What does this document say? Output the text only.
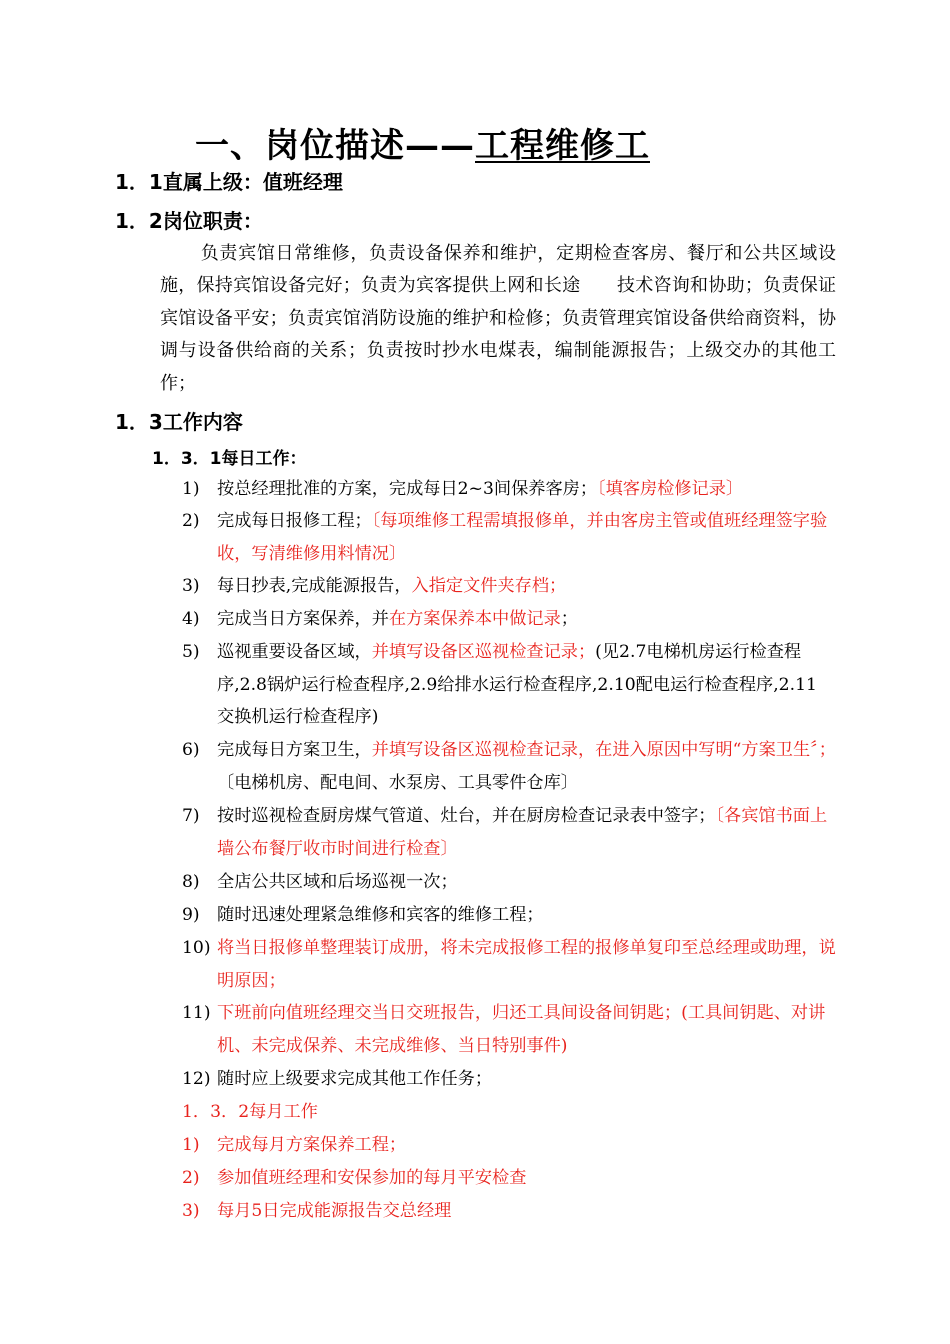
一、岗位描述——工程维修工
1．1直属上级：值班经理
1．2岗位职责：
负责宾馆日常维修，负责设备保养和维护，定期检查客房、餐厅和公共区域设施，保持宾馆设备完好；负责为宾客提供上网和长途　　技术咨询和协助；负责保证宾馆设备平安；负责宾馆消防设施的维护和检修；负责管理宾馆设备供给商资料，协调与设备供给商的关系；负责按时抄水电煤表，编制能源报告；上级交办的其他工作；
1．3工作内容
1．3．1每日工作：
1)	按总经理批准的方案，完成每日2~3间保养客房；〔填客房检修记录〕
2)	完成每日报修工程；〔每项维修工程需填报修单，并由客房主管或值班经理签字验收，写清维修用料情况〕
3)	每日抄表,完成能源报告，入指定文件夹存档；
4)	完成当日方案保养，并在方案保养本中做记录；
5)	巡视重要设备区域，并填写设备区巡视检查记录；(见2.7电梯机房运行检查程序,2.8锅炉运行检查程序,2.9给排水运行检查程序,2.10配电运行检查程序,2.11　　交换机运行检查程序)
6)	完成每日方案卫生，并填写设备区巡视检查记录，在进入原因中写明“方案卫生〞；〔电梯机房、配电间、水泵房、工具零件仓库〕
7)	按时巡视检查厨房煤气管道、灶台，并在厨房检查记录表中签字；〔各宾馆书面上墙公布餐厅收市时间进行检查〕
8)	全店公共区域和后场巡视一次；
9)	随时迅速处理紧急维修和宾客的维修工程；
10) 将当日报修单整理装订成册，将未完成报修工程的报修单复印至总经理或助理，说明原因；
11) 下班前向值班经理交当日交班报告，归还工具间设备间钥匙；(工具间钥匙、对讲机、未完成保养、未完成维修、当日特别事件)
12) 随时应上级要求完成其他工作任务；
1．3．2每月工作
1)	完成每月方案保养工程；
2)	参加值班经理和安保参加的每月平安检查
3)	每月5日完成能源报告交总经理
